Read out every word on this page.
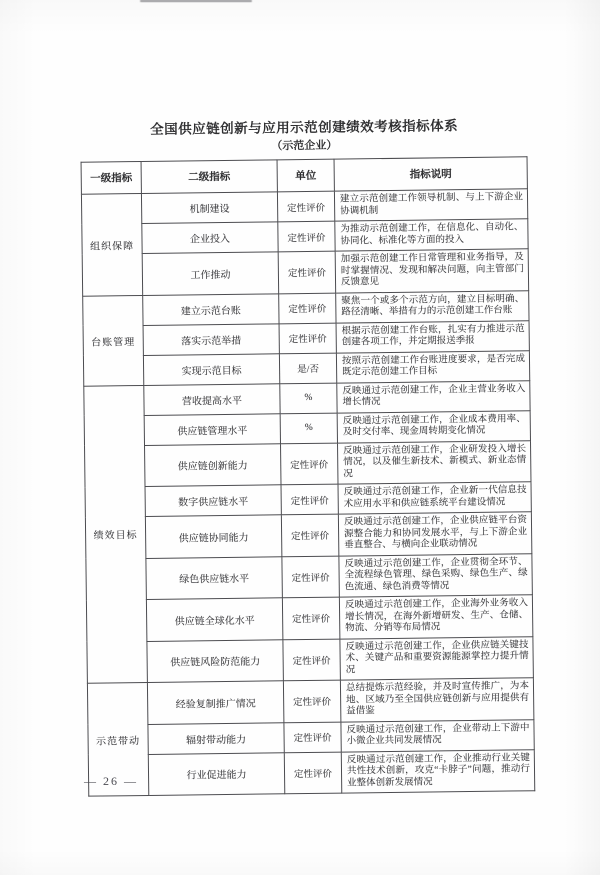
全国供应链创新与应用示范创建绩效考核指标体系
（示范企业）
一级指标	二级指标	单位	指标说明
组织保障	机制建设	定性评价	建立示范创建工作领导机制、与上下游企业协调机制
	企业投入	定性评价	为推动示范创建工作，在信息化、自动化、协同化、标准化等方面的投入
	工作推动	定性评价	加强示范创建工作日常管理和业务指导，及时掌握情况、发现和解决问题，向主管部门反馈意见
台账管理	建立示范台账	定性评价	聚焦一个或多个示范方向，建立目标明确、路径清晰、举措有力的示范创建工作台账
	落实示范举措	定性评价	根据示范创建工作台账，扎实有力推进示范创建各项工作，并定期报送季报
	实现示范目标	是/否	按照示范创建工作台账进度要求，是否完成既定示范创建工作目标
绩效目标	营收提高水平	%	反映通过示范创建工作，企业主营业务收入增长情况
	供应链管理水平	%	反映通过示范创建工作，企业成本费用率、及时交付率、现金周转期变化情况
	供应链创新能力	定性评价	反映通过示范创建工作，企业研发投入增长情况，以及催生新技术、新模式、新业态情况
	数字供应链水平	定性评价	反映通过示范创建工作，企业新一代信息技术应用水平和供应链系统平台建设情况
	供应链协同能力	定性评价	反映通过示范创建工作，企业供应链平台资源整合能力和协同发展水平，与上下游企业垂直整合、与横向企业联动情况
	绿色供应链水平	定性评价	反映通过示范创建工作，企业贯彻全环节、全流程绿色管理、绿色采购、绿色生产、绿色流通、绿色消费等情况
	供应链全球化水平	定性评价	反映通过示范创建工作，企业海外业务收入增长情况，在海外新增研发、生产、仓储、物流、分销等布局情况
	供应链风险防范能力	定性评价	反映通过示范创建工作，企业供应链关键技术、关键产品和重要资源能源掌控力提升情况
示范带动	经验复制推广情况	定性评价	总结提炼示范经验，并及时宣传推广，为本地、区域乃至全国供应链创新与应用提供有益借鉴
	辐射带动能力	定性评价	反映通过示范创建工作，企业带动上下游中小微企业共同发展情况
	行业促进能力	定性评价	反映通过示范创建工作，企业推动行业关键共性技术创新，攻克“卡脖子”问题，推动行业整体创新发展情况
— 26 —
